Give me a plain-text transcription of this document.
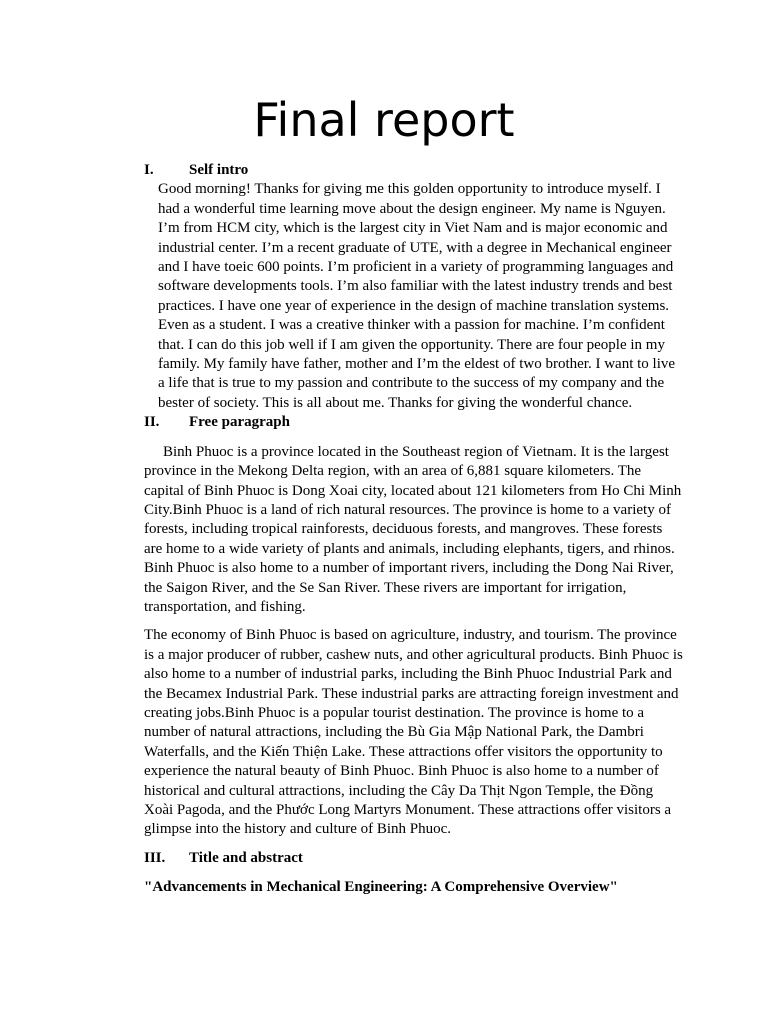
Final report
I.	Self intro

Good morning! Thanks for giving me this golden opportunity to introduce myself. I had a wonderful time learning move about the design engineer. My name is Nguyen. I’m from HCM city, which is the largest city in Viet Nam and is major economic and industrial center. I’m a recent graduate of UTE, with a degree in Mechanical engineer and I have toeic 600 points. I’m proficient in a variety of programming languages and software developments tools. I’m also familiar with the latest industry trends and best practices. I have one year of experience in the design of machine translation systems. Even as a student. I was a creative thinker with a passion for machine. I’m confident that. I can do this job well if I am given the opportunity. There are four people in my family. My family have father, mother and I’m the eldest of two brother. I want to live a life that is true to my passion and contribute to the success of my company and the bester of society. This is all about me. Thanks for giving the wonderful chance.

II.	Free paragraph

Binh Phuoc is a province located in the Southeast region of Vietnam. It is the largest province in the Mekong Delta region, with an area of 6,881 square kilometers. The capital of Binh Phuoc is Dong Xoai city, located about 121 kilometers from Ho Chi Minh City.Binh Phuoc is a land of rich natural resources. The province is home to a variety of forests, including tropical rainforests, deciduous forests, and mangroves. These forests are home to a wide variety of plants and animals, including elephants, tigers, and rhinos. Binh Phuoc is also home to a number of important rivers, including the Dong Nai River, the Saigon River, and the Se San River. These rivers are important for irrigation, transportation, and fishing.

The economy of Binh Phuoc is based on agriculture, industry, and tourism. The province is a major producer of rubber, cashew nuts, and other agricultural products. Binh Phuoc is also home to a number of industrial parks, including the Binh Phuoc Industrial Park and the Becamex Industrial Park. These industrial parks are attracting foreign investment and creating jobs.Binh Phuoc is a popular tourist destination. The province is home to a number of natural attractions, including the Bù Gia Mập National Park, the Dambri Waterfalls, and the Kiến Thiện Lake. These attractions offer visitors the opportunity to experience the natural beauty of Binh Phuoc. Binh Phuoc is also home to a number of historical and cultural attractions, including the Cây Da Thịt Ngon Temple, the Đồng Xoài Pagoda, and the Phước Long Martyrs Monument. These attractions offer visitors a glimpse into the history and culture of Binh Phuoc.

III.	Title and abstract

"Advancements in Mechanical Engineering: A Comprehensive Overview"
